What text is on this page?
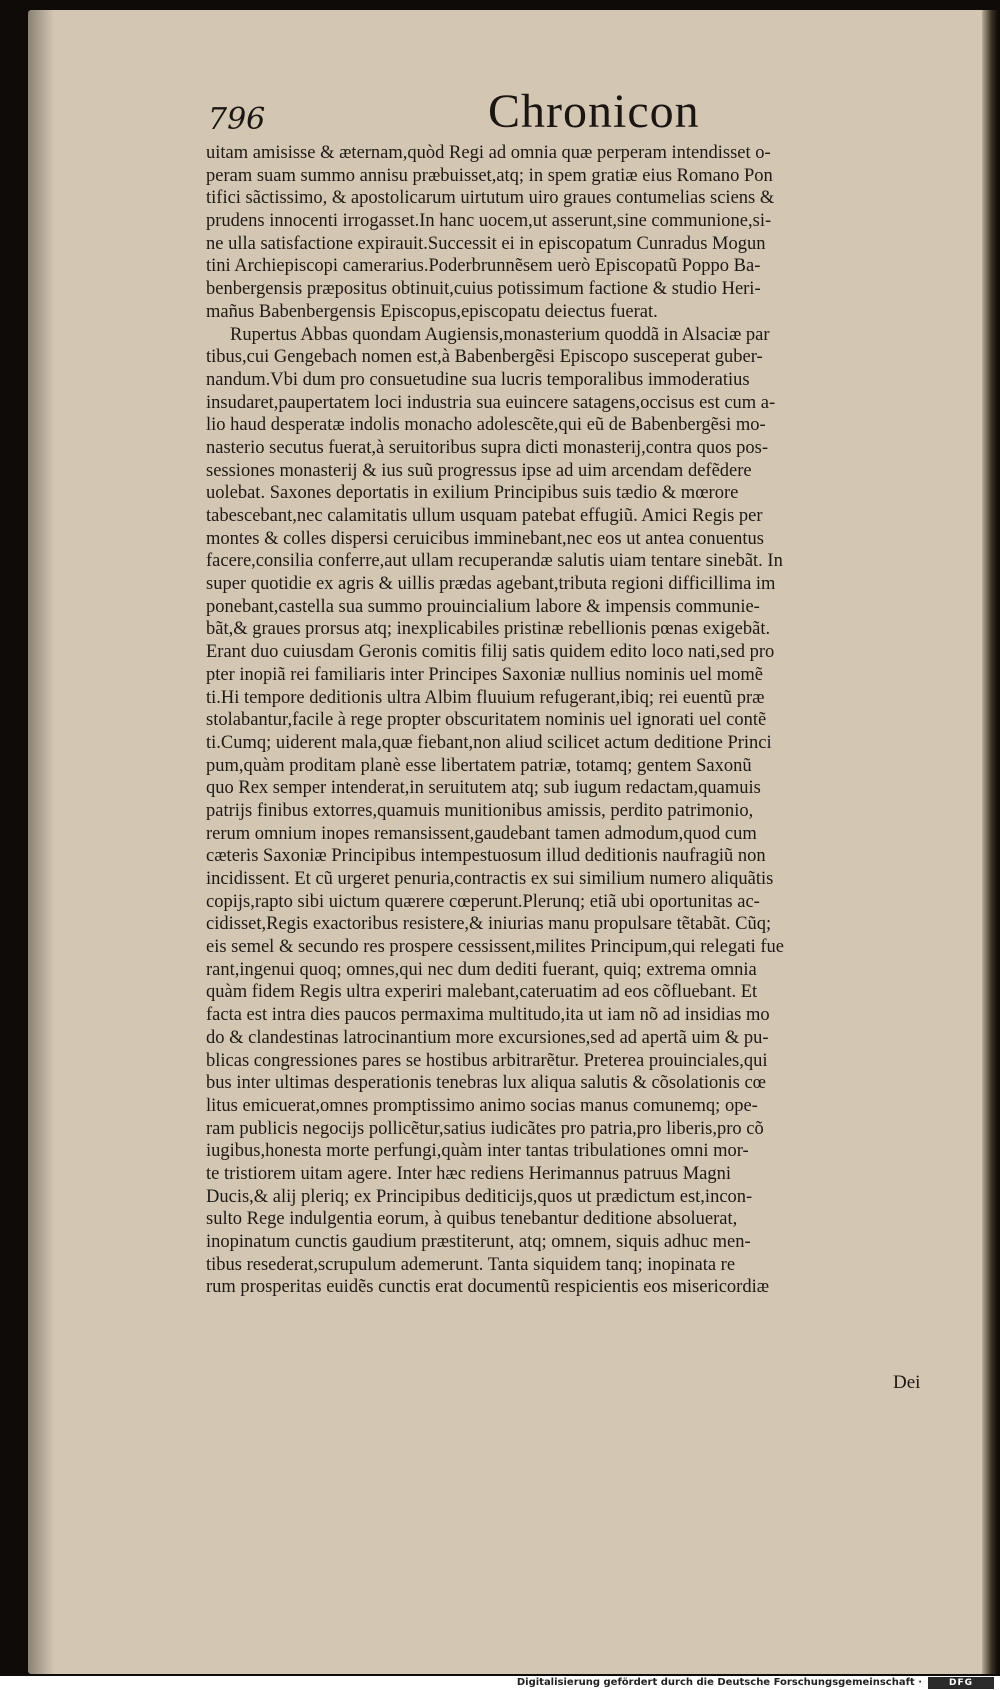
796	Chronicon
uitam amisisse & æternam,quòd Regi ad omnia quæ perperam intendisset o-
peram suam summo annisu præbuisset,atq; in spem gratiæ eius Romano Pon
tifici sãctissimo, & apostolicarum uirtutum uiro graues contumelias sciens &
prudens innocenti irrogasset.In hanc uocem,ut asserunt,sine communione,si-
ne ulla satisfactione expirauit.Successit ei in episcopatum Cunradus Mogun
tini Archiepiscopi camerarius.Poderbrunnẽsem uerò Episcopatũ Poppo Ba-
benbergensis præpositus obtinuit,cuius potissimum factione & studio Heri-
mañus Babenbergensis Episcopus,episcopatu deiectus fuerat.
Rupertus Abbas quondam Augiensis,monasterium quoddã in Alsaciæ par
tibus,cui Gengebach nomen est,à Babenbergẽsi Episcopo susceperat guber-
nandum.Vbi dum pro consuetudine sua lucris temporalibus immoderatius
insudaret,paupertatem loci industria sua euincere satagens,occisus est cum a-
lio haud desperatæ indolis monacho adolescẽte,qui eũ de Babenbergẽsi mo-
nasterio secutus fuerat,à seruitoribus supra dicti monasterij,contra quos pos-
sessiones monasterij & ius suũ progressus ipse ad uim arcendam defẽdere
uolebat. Saxones deportatis in exilium Principibus suis tædio & mœrore
tabescebant,nec calamitatis ullum usquam patebat effugiũ. Amici Regis per
montes & colles dispersi ceruicibus imminebant,nec eos ut antea conuentus
facere,consilia conferre,aut ullam recuperandæ salutis uiam tentare sinebãt. In
super quotidie ex agris & uillis prædas agebant,tributa regioni difficillima im
ponebant,castella sua summo prouincialium labore & impensis communie-
bãt,& graues prorsus atq; inexplicabiles pristinæ rebellionis pœnas exigebãt.
Erant duo cuiusdam Geronis comitis filij satis quidem edito loco nati,sed pro
pter inopiã rei familiaris inter Principes Saxoniæ nullius nominis uel momẽ
ti.Hi tempore deditionis ultra Albim fluuium refugerant,ibiq; rei euentũ præ
stolabantur,facile à rege propter obscuritatem nominis uel ignorati uel contẽ
ti.Cumq; uiderent mala,quæ fiebant,non aliud scilicet actum deditione Princi
pum,quàm proditam planè esse libertatem patriæ, totamq; gentem Saxonũ
quo Rex semper intenderat,in seruitutem atq; sub iugum redactam,quamuis
patrijs finibus extorres,quamuis munitionibus amissis, perdito patrimonio,
rerum omnium inopes remansissent,gaudebant tamen admodum,quod cum
cæteris Saxoniæ Principibus intempestuosum illud deditionis naufragiũ non
incidissent. Et cũ urgeret penuria,contractis ex sui similium numero aliquãtis
copijs,rapto sibi uictum quærere cœperunt.Plerunq; etiã ubi oportunitas ac-
cidisset,Regis exactoribus resistere,& iniurias manu propulsare tẽtabãt. Cũq;
eis semel & secundo res prospere cessissent,milites Principum,qui relegati fue
rant,ingenui quoq; omnes,qui nec dum dediti fuerant, quiq; extrema omnia
quàm fidem Regis ultra experiri malebant,cateruatim ad eos cõfluebant. Et
facta est intra dies paucos permaxima multitudo,ita ut iam nõ ad insidias mo
do & clandestinas latrocinantium more excursiones,sed ad apertã uim & pu-
blicas congressiones pares se hostibus arbitrarẽtur. Preterea prouinciales,qui
bus inter ultimas desperationis tenebras lux aliqua salutis & cõsolationis cœ
litus emicuerat,omnes promptissimo animo socias manus comunemq; ope-
ram publicis negocijs pollicẽtur,satius iudicãtes pro patria,pro liberis,pro cõ
iugibus,honesta morte perfungi,quàm inter tantas tribulationes omni mor-
te tristiorem uitam agere. Inter hæc rediens Herimannus patruus Magni
Ducis,& alij pleriq; ex Principibus dediticijs,quos ut prædictum est,incon-
sulto Rege indulgentia eorum, à quibus tenebantur deditione absoluerat,
inopinatum cunctis gaudium præstiterunt, atq; omnem, siquis adhuc men-
tibus resederat,scrupulum ademerunt. Tanta siquidem tanq; inopinata re
rum prosperitas euidẽs cunctis erat documentũ respicientis eos misericordiæ
Dei
Digitalisierung gefördert durch die Deutsche Forschungsgemeinschaft ·	DFG
